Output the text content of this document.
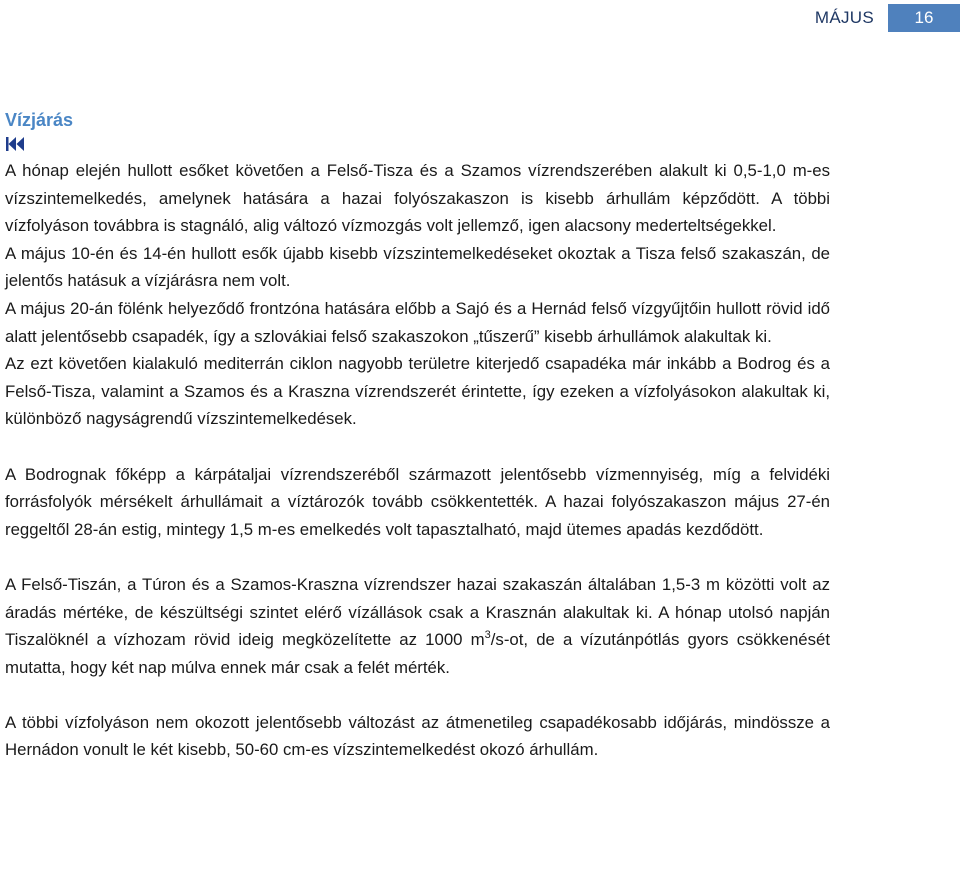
MÁJUS	16
Vízjárás

A hónap elején hullott esőket követően a Felső-Tisza és a Szamos vízrendszerében alakult ki 0,5-1,0 m-es vízszintemelkedés, amelynek hatására a hazai folyószakaszon is kisebb árhullám képződött. A többi vízfolyáson továbbra is stagnáló, alig változó vízmozgás volt jellemző, igen alacsony mederteltségekkel.

A május 10-én és 14-én hullott esők újabb kisebb vízszintemelkedéseket okoztak a Tisza felső szakaszán, de jelentős hatásuk a vízjárásra nem volt.

A május 20-án fölénk helyeződő frontzóna hatására előbb a Sajó és a Hernád felső vízgyűjtőin hullott rövid idő alatt jelentősebb csapadék, így a szlovákiai felső szakaszokon „tűszerű” kisebb árhullámok alakultak ki.

Az ezt követően kialakuló mediterrán ciklon nagyobb területre kiterjedő csapadéka már inkább a Bodrog és a Felső-Tisza, valamint a Szamos és a Kraszna vízrendszerét érintette, így ezeken a vízfolyásokon alakultak ki, különböző nagyságrendű vízszintemelkedések.

A Bodrognak főképp a kárpátaljai vízrendszeréből származott jelentősebb vízmennyiség, míg a felvidéki forrásfolyók mérsékelt árhullámait a víztározók tovább csökkentették. A hazai folyószakaszon május 27-én reggeltől 28-án estig, mintegy 1,5 m-es emelkedés volt tapasztalható, majd ütemes apadás kezdődött.

A Felső-Tiszán, a Túron és a Szamos-Kraszna vízrendszer hazai szakaszán általában 1,5-3 m közötti volt az áradás mértéke, de készültségi szintet elérő vízállások csak a Krasznán alakultak ki. A hónap utolsó napján Tiszalöknél a vízhozam rövid ideig megközelítette az 1000 $m^3/s-ot$, de a vízutánpótlás gyors csökkenését mutatta, hogy két nap múlva ennek már csak a felét mérték.

A többi vízfolyáson nem okozott jelentősebb változást az átmenetileg csapadékosabb időjárás, mindössze a Hernádon vonult le két kisebb, 50-60 cm-es vízszintemelkedést okozó árhullám.
